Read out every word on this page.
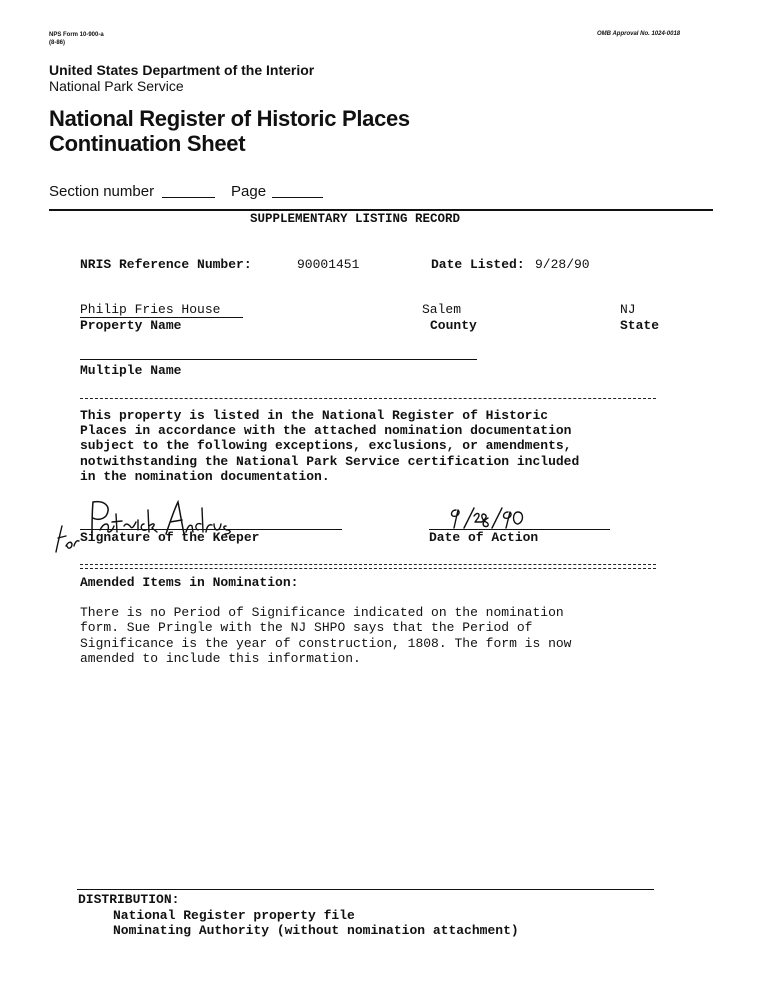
NPS Form 10-900-a
(8-86)
OMB Approval No. 1024-0018
United States Department of the Interior
National Park Service
National Register of Historic Places
Continuation Sheet
Section number	Page
SUPPLEMENTARY LISTING RECORD
NRIS Reference Number:	90001451	Date Listed: 9/28/90
Philip Fries House
Property Name
Salem
County
NJ
State
Multiple Name
This property is listed in the National Register of Historic
Places in accordance with the attached nomination documentation
subject to the following exceptions, exclusions, or amendments,
notwithstanding the National Park Service certification included
in the nomination documentation.
Signature of the Keeper	Date of Action
Amended Items in Nomination:
There is no Period of Significance indicated on the nomination
form. Sue Pringle with the NJ SHPO says that the Period of
Significance is the year of construction, 1808. The form is now
amended to include this information.
DISTRIBUTION:
National Register property file
Nominating Authority (without nomination attachment)
